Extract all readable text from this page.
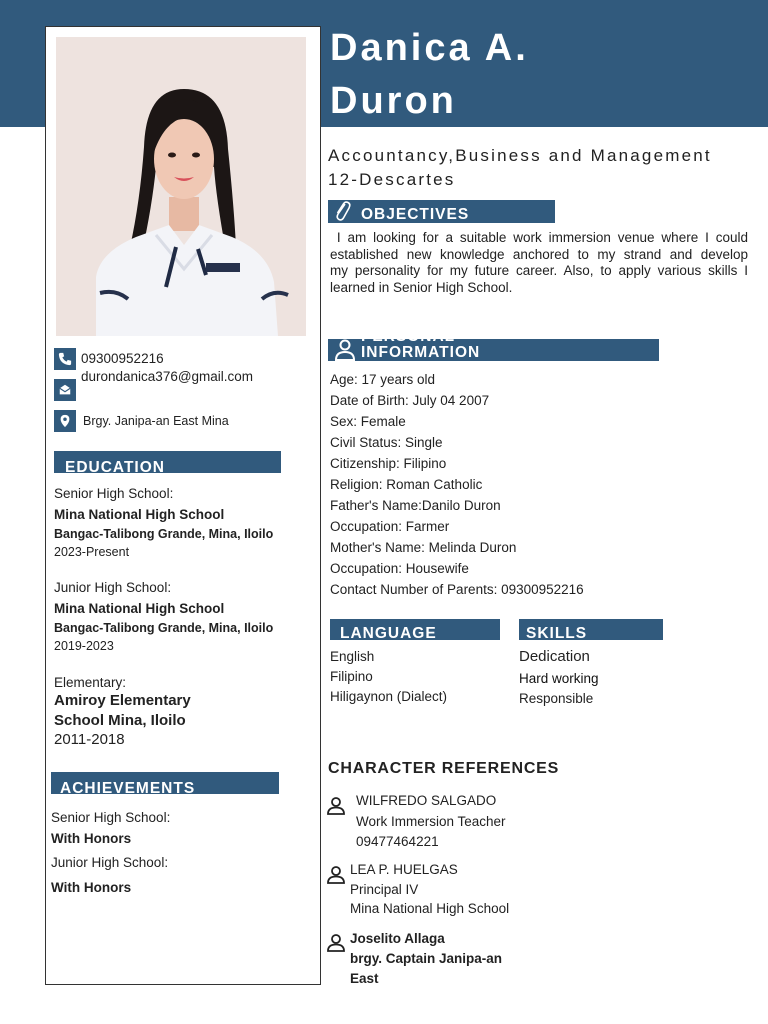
Danica A.
Duron
Accountancy,Business and Management
12-Descartes
09300952216
durondanica376@gmail.com
Brgy. Janipa-an East Mina
EDUCATION
Senior High School:
Mina National High School
Bangac-Talibong Grande, Mina, Iloilo
2023-Present
Junior High School:
Mina National High School
Bangac-Talibong Grande, Mina, Iloilo
2019-2023
Elementary:
Amiroy Elementary
School Mina, Iloilo
2011-2018
ACHIEVEMENTS
Senior High School:
With Honors
Junior High School:
With Honors
OBJECTIVES
I am looking for a suitable work immersion venue where I could
established new knowledge anchored to my strand and develop
my personality for my future career. Also, to apply various skills I
learned in Senior High School.
PERSONAL
INFORMATION
Age: 17 years old
Date of Birth: July 04 2007
Sex: Female
Civil Status: Single
Citizenship: Filipino
Religion: Roman Catholic
Father's Name:Danilo Duron
Occupation: Farmer
Mother's Name: Melinda Duron
Occupation: Housewife
Contact Number of Parents: 09300952216
LANGUAGE
English
Filipino
Hiligaynon (Dialect)
SKILLS
Dedication
Hard working
Responsible
CHARACTER REFERENCES
WILFREDO SALGADO
Work Immersion Teacher
09477464221
LEA P. HUELGAS
Principal IV
Mina National High School
Joselito Allaga
brgy. Captain Janipa-an
East
